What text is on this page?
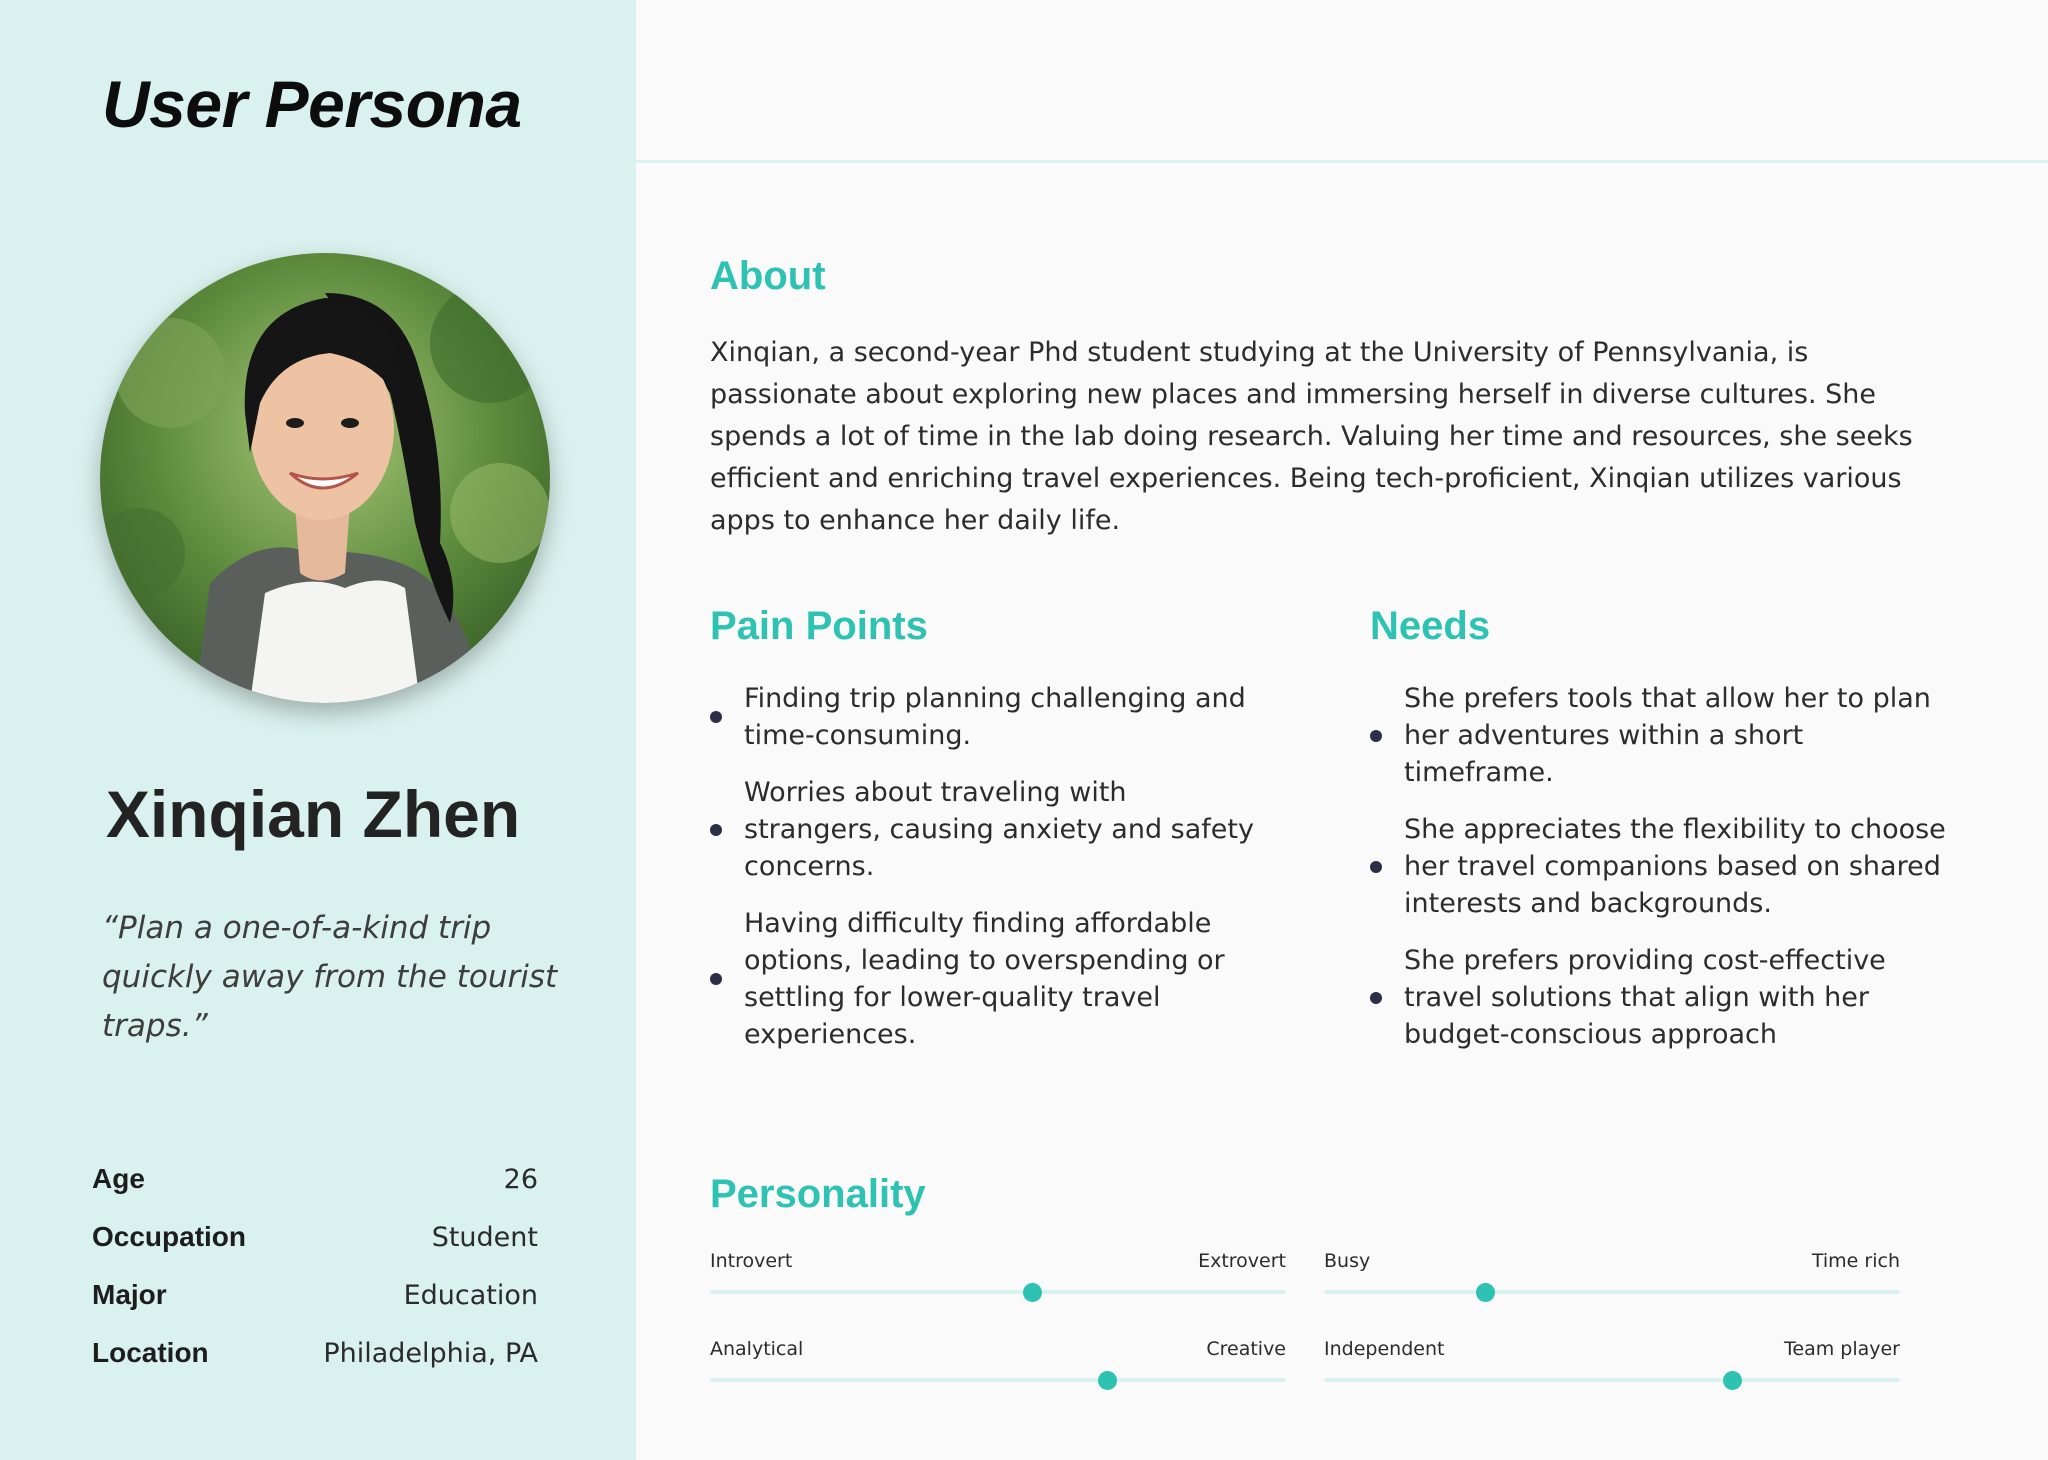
User Persona
Xinqian Zhen
“Plan a one-of-a-kind trip quickly away from the tourist traps.”
Age	26
Occupation	Student
Major	Education
Location	Philadelphia, PA
About

Xinqian, a second-year Phd student studying at the University of Pennsylvania, is passionate about exploring new places and immersing herself in diverse cultures. She spends a lot of time in the lab doing research. Valuing her time and resources, she seeks efficient and enriching travel experiences. Being tech-proficient, Xinqian utilizes various apps to enhance her daily life.

Pain Points
Finding trip planning challenging and time-consuming.
Worries about traveling with strangers, causing anxiety and safety concerns.
Having difficulty finding affordable options, leading to overspending or settling for lower-quality travel experiences.
Needs
She prefers tools that allow her to plan her adventures within a short timeframe.
She appreciates the flexibility to choose her travel companions based on shared interests and backgrounds.
She prefers providing cost-effective travel solutions that align with her budget-conscious approach
Personality
Introvert	Extrovert Busy	Time rich
Analytical	Creative Independent	Team player
